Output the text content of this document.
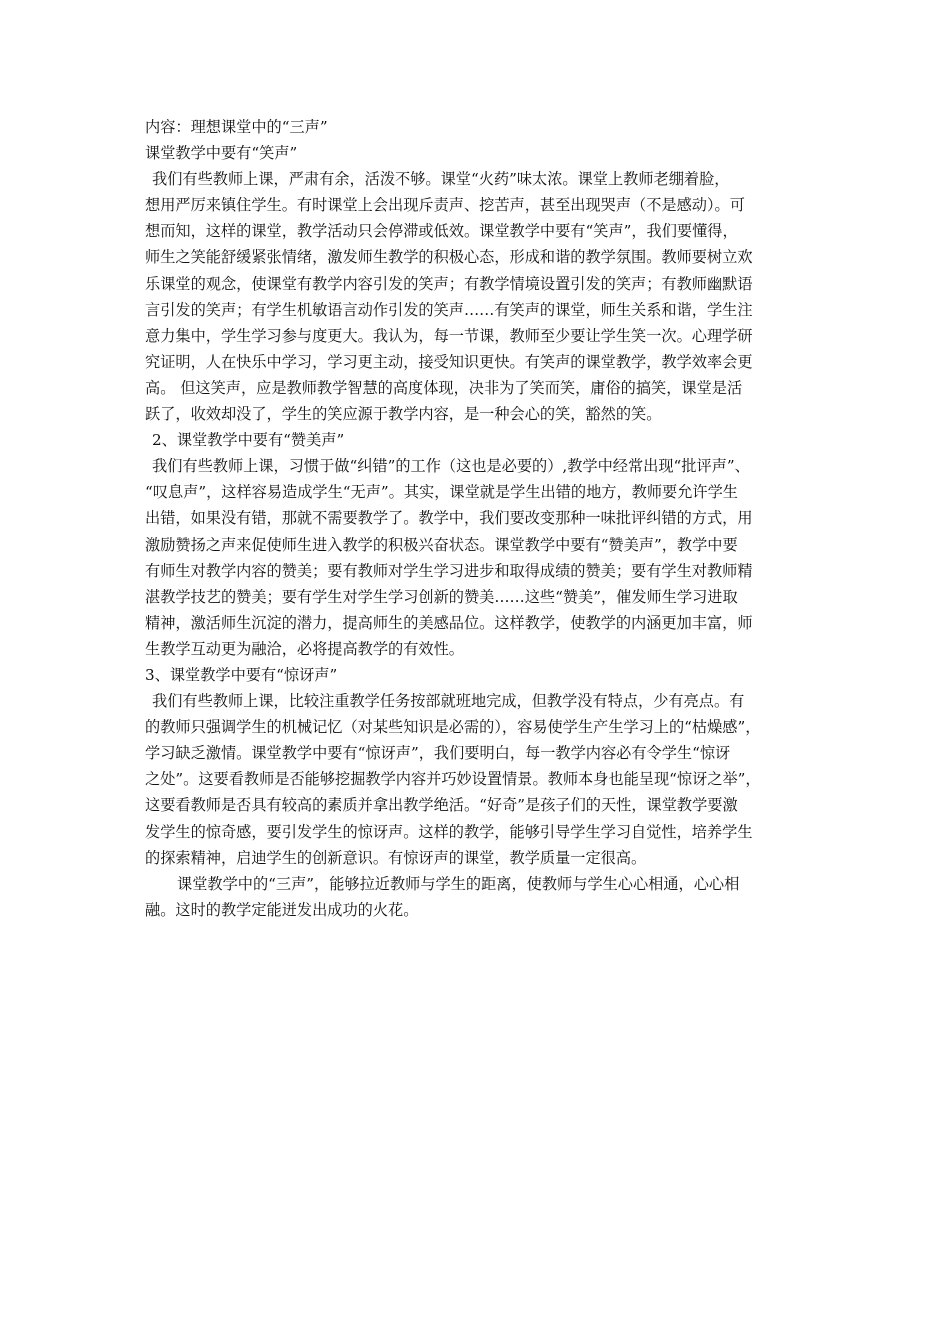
内容：理想课堂中的“三声”
课堂教学中要有“笑声”
我们有些教师上课，严肃有余，活泼不够。课堂“火药”味太浓。课堂上教师老绷着脸，
想用严厉来镇住学生。有时课堂上会出现斥责声、挖苦声，甚至出现哭声（不是感动）。可
想而知，这样的课堂，教学活动只会停滞或低效。课堂教学中要有“笑声”，我们要懂得，
师生之笑能舒缓紧张情绪，激发师生教学的积极心态，形成和谐的教学氛围。教师要树立欢
乐课堂的观念，使课堂有教学内容引发的笑声；有教学情境设置引发的笑声；有教师幽默语
言引发的笑声；有学生机敏语言动作引发的笑声……有笑声的课堂，师生关系和谐，学生注
意力集中，学生学习参与度更大。我认为，每一节课，教师至少要让学生笑一次。心理学研
究证明，人在快乐中学习，学习更主动，接受知识更快。有笑声的课堂教学，教学效率会更
高。 但这笑声，应是教师教学智慧的高度体现，决非为了笑而笑，庸俗的搞笑，课堂是活
跃了，收效却没了，学生的笑应源于教学内容，是一种会心的笑，豁然的笑。
2、课堂教学中要有“赞美声”
我们有些教师上课，习惯于做“纠错”的工作（这也是必要的）,教学中经常出现“批评声”、
“叹息声”，这样容易造成学生“无声”。其实，课堂就是学生出错的地方，教师要允许学生
出错，如果没有错，那就不需要教学了。教学中，我们要改变那种一味批评纠错的方式，用
激励赞扬之声来促使师生进入教学的积极兴奋状态。课堂教学中要有“赞美声”，教学中要
有师生对教学内容的赞美；要有教师对学生学习进步和取得成绩的赞美；要有学生对教师精
湛教学技艺的赞美；要有学生对学生学习创新的赞美……这些“赞美”，催发师生学习进取
精神，激活师生沉淀的潜力，提高师生的美感品位。这样教学，使教学的内涵更加丰富，师
生教学互动更为融洽，必将提高教学的有效性。
3、课堂教学中要有“惊讶声”
我们有些教师上课，比较注重教学任务按部就班地完成，但教学没有特点，少有亮点。有
的教师只强调学生的机械记忆（对某些知识是必需的），容易使学生产生学习上的“枯燥感”，
学习缺乏激情。课堂教学中要有“惊讶声”，我们要明白，每一教学内容必有令学生“惊讶
之处”。这要看教师是否能够挖掘教学内容并巧妙设置情景。教师本身也能呈现“惊讶之举”，
这要看教师是否具有较高的素质并拿出教学绝活。“好奇”是孩子们的天性，课堂教学要激
发学生的惊奇感，要引发学生的惊讶声。这样的教学，能够引导学生学习自觉性，培养学生
的探索精神，启迪学生的创新意识。有惊讶声的课堂，教学质量一定很高。
课堂教学中的“三声”，能够拉近教师与学生的距离，使教师与学生心心相通，心心相
融。这时的教学定能迸发出成功的火花。
